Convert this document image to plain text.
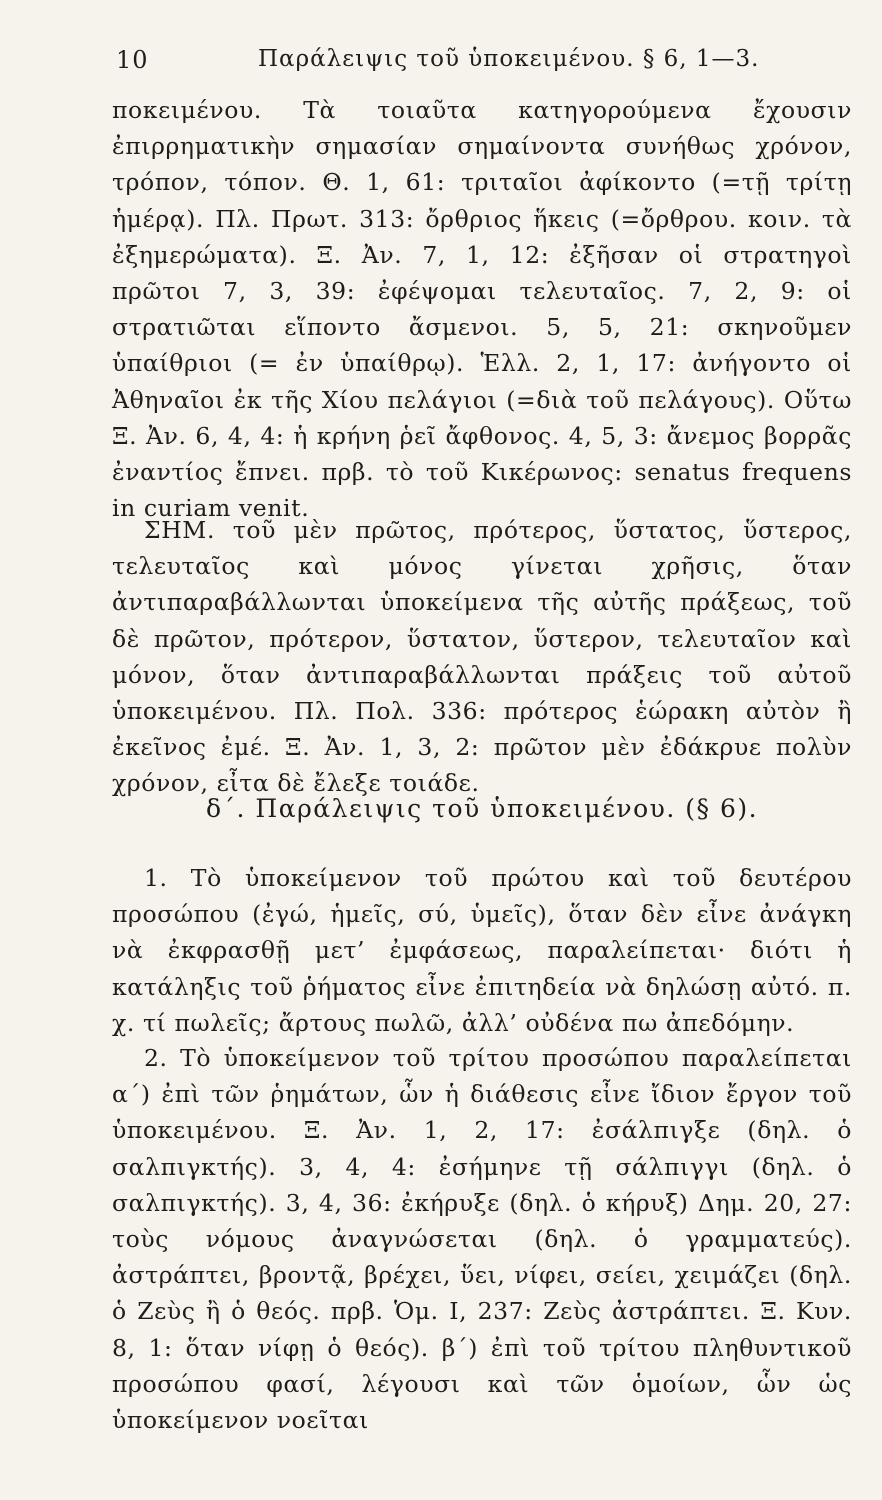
10	Παράλειψις τοῦ ὑποκειμένου. § 6, 1—3.

ποκειμένου. Τὰ τοιαῦτα κατηγορούμενα ἔχουσιν ἐπιρρηματικὴν σημασίαν σημαίνοντα συνήθως χρόνον, τρόπον, τόπον. Θ. 1, 61: τριταῖοι ἀφίκοντο (=τῇ τρίτῃ ἡμέρᾳ). Πλ. Πρωτ. 313: ὄρθριος ἥκεις (=ὄρθρου. κοιν. τὰ ἐξημερώματα). Ξ. Ἀν. 7, 1, 12: ἐξῆσαν οἱ στρατηγοὶ πρῶτοι 7, 3, 39: ἐφέψομαι τελευταῖος. 7, 2, 9: οἱ στρατιῶται εἵποντο ἄσμενοι. 5, 5, 21: σκηνοῦμεν ὑπαίθριοι (= ἐν ὑπαίθρῳ). Ἑλλ. 2, 1, 17: ἀνήγοντο οἱ Ἀθηναῖοι ἐκ τῆς Χίου πελάγιοι (=διὰ τοῦ πελάγους). Οὕτω Ξ. Ἀν. 6, 4, 4: ἡ κρήνη ῥεῖ ἄφθονος. 4, 5, 3: ἄνεμος βορρᾶς ἐναντίος ἔπνει. πρβ. τὸ τοῦ Κικέρωνος: senatus frequens in curiam venit.

ΣΗΜ. τοῦ μὲν πρῶτος, πρότερος, ὕστατος, ὕστερος, τελευταῖος καὶ μόνος γίνεται χρῆσις, ὅταν ἀντιπαραβάλλωνται ὑποκείμενα τῆς αὐτῆς πράξεως, τοῦ δὲ πρῶτον, πρότερον, ὕστατον, ὕστερον, τελευταῖον καὶ μόνον, ὅταν ἀντιπαραβάλλωνται πράξεις τοῦ αὐτοῦ ὑποκειμένου. Πλ. Πολ. 336: πρότερος ἑώρακη αὐτὸν ἢ ἐκεῖνος ἐμέ. Ξ. Ἀν. 1, 3, 2: πρῶτον μὲν ἐδάκρυε πολὺν χρόνον, εἶτα δὲ ἔλεξε τοιάδε.

δ΄. Παράλειψις τοῦ ὑποκειμένου. (§ 6).

1. Τὸ ὑποκείμενον τοῦ πρώτου καὶ τοῦ δευτέρου προσώπου (ἐγώ, ἡμεῖς, σύ, ὑμεῖς), ὅταν δὲν εἶνε ἀνάγκη νὰ ἐκφρασθῇ μετ’ ἐμφάσεως, παραλείπεται· διότι ἡ κατάληξις τοῦ ῥήματος εἶνε ἐπιτηδεία νὰ δηλώσῃ αὐτό. π. χ. τί πωλεῖς; ἄρτους πωλῶ, ἀλλ’ οὐδένα πω ἀπεδόμην.

2. Τὸ ὑποκείμενον τοῦ τρίτου προσώπου παραλείπεται α΄) ἐπὶ τῶν ῥημάτων, ὧν ἡ διάθεσις εἶνε ἴδιον ἔργον τοῦ ὑποκειμένου. Ξ. Ἀν. 1, 2, 17: ἐσάλπιγξε (δηλ. ὁ σαλπιγκτής). 3, 4, 4: ἐσήμηνε τῇ σάλπιγγι (δηλ. ὁ σαλπιγκτής). 3, 4, 36: ἐκήρυξε (δηλ. ὁ κήρυξ) Δημ. 20, 27: τοὺς νόμους ἀναγνώσεται (δηλ. ὁ γραμματεύς). ἀστράπτει, βροντᾷ, βρέχει, ὕει, νίφει, σείει, χειμάζει (δηλ. ὁ Ζεὺς ἢ ὁ θεός. πρβ. Ὁμ. Ι, 237: Ζεὺς ἀστράπτει. Ξ. Κυν. 8, 1: ὅταν νίφῃ ὁ θεός). β΄) ἐπὶ τοῦ τρίτου πληθυντικοῦ προσώπου φασί, λέγουσι καὶ τῶν ὁμοίων, ὧν ὡς ὑποκείμενον νοεῖται
